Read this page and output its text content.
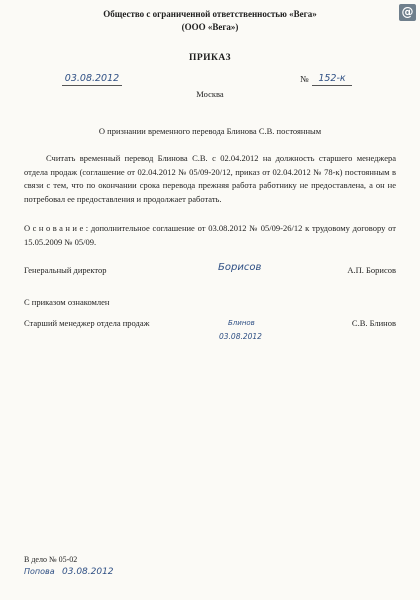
@
Общество с ограниченной ответственностью «Вега»
(ООО «Вега»)
ПРИКАЗ
03.08.2012	№	152-к
Москва
О признании временного перевода Блинова С.В. постоянным
Считать временный перевод Блинова С.В. с 02.04.2012 на должность старшего менеджера отдела продаж (соглашение от 02.04.2012 № 05/09-20/12, приказ от 02.04.2012 № 78-к) постоянным в связи с тем, что по окончании срока перевода прежняя работа работнику не предоставлена, а он не потребовал ее предоставления и продолжает работать.
Основание: дополнительное соглашение от 03.08.2012 № 05/09-26/12 к трудовому договору от 15.05.2009 № 05/09.
Генеральный директор	А.П. Борисов
Борисов
С приказом ознакомлен
Старший менеджер отдела продаж	С.В. Блинов
Блинов
03.08.2012
В дело № 05-02
Попова 03.08.2012
